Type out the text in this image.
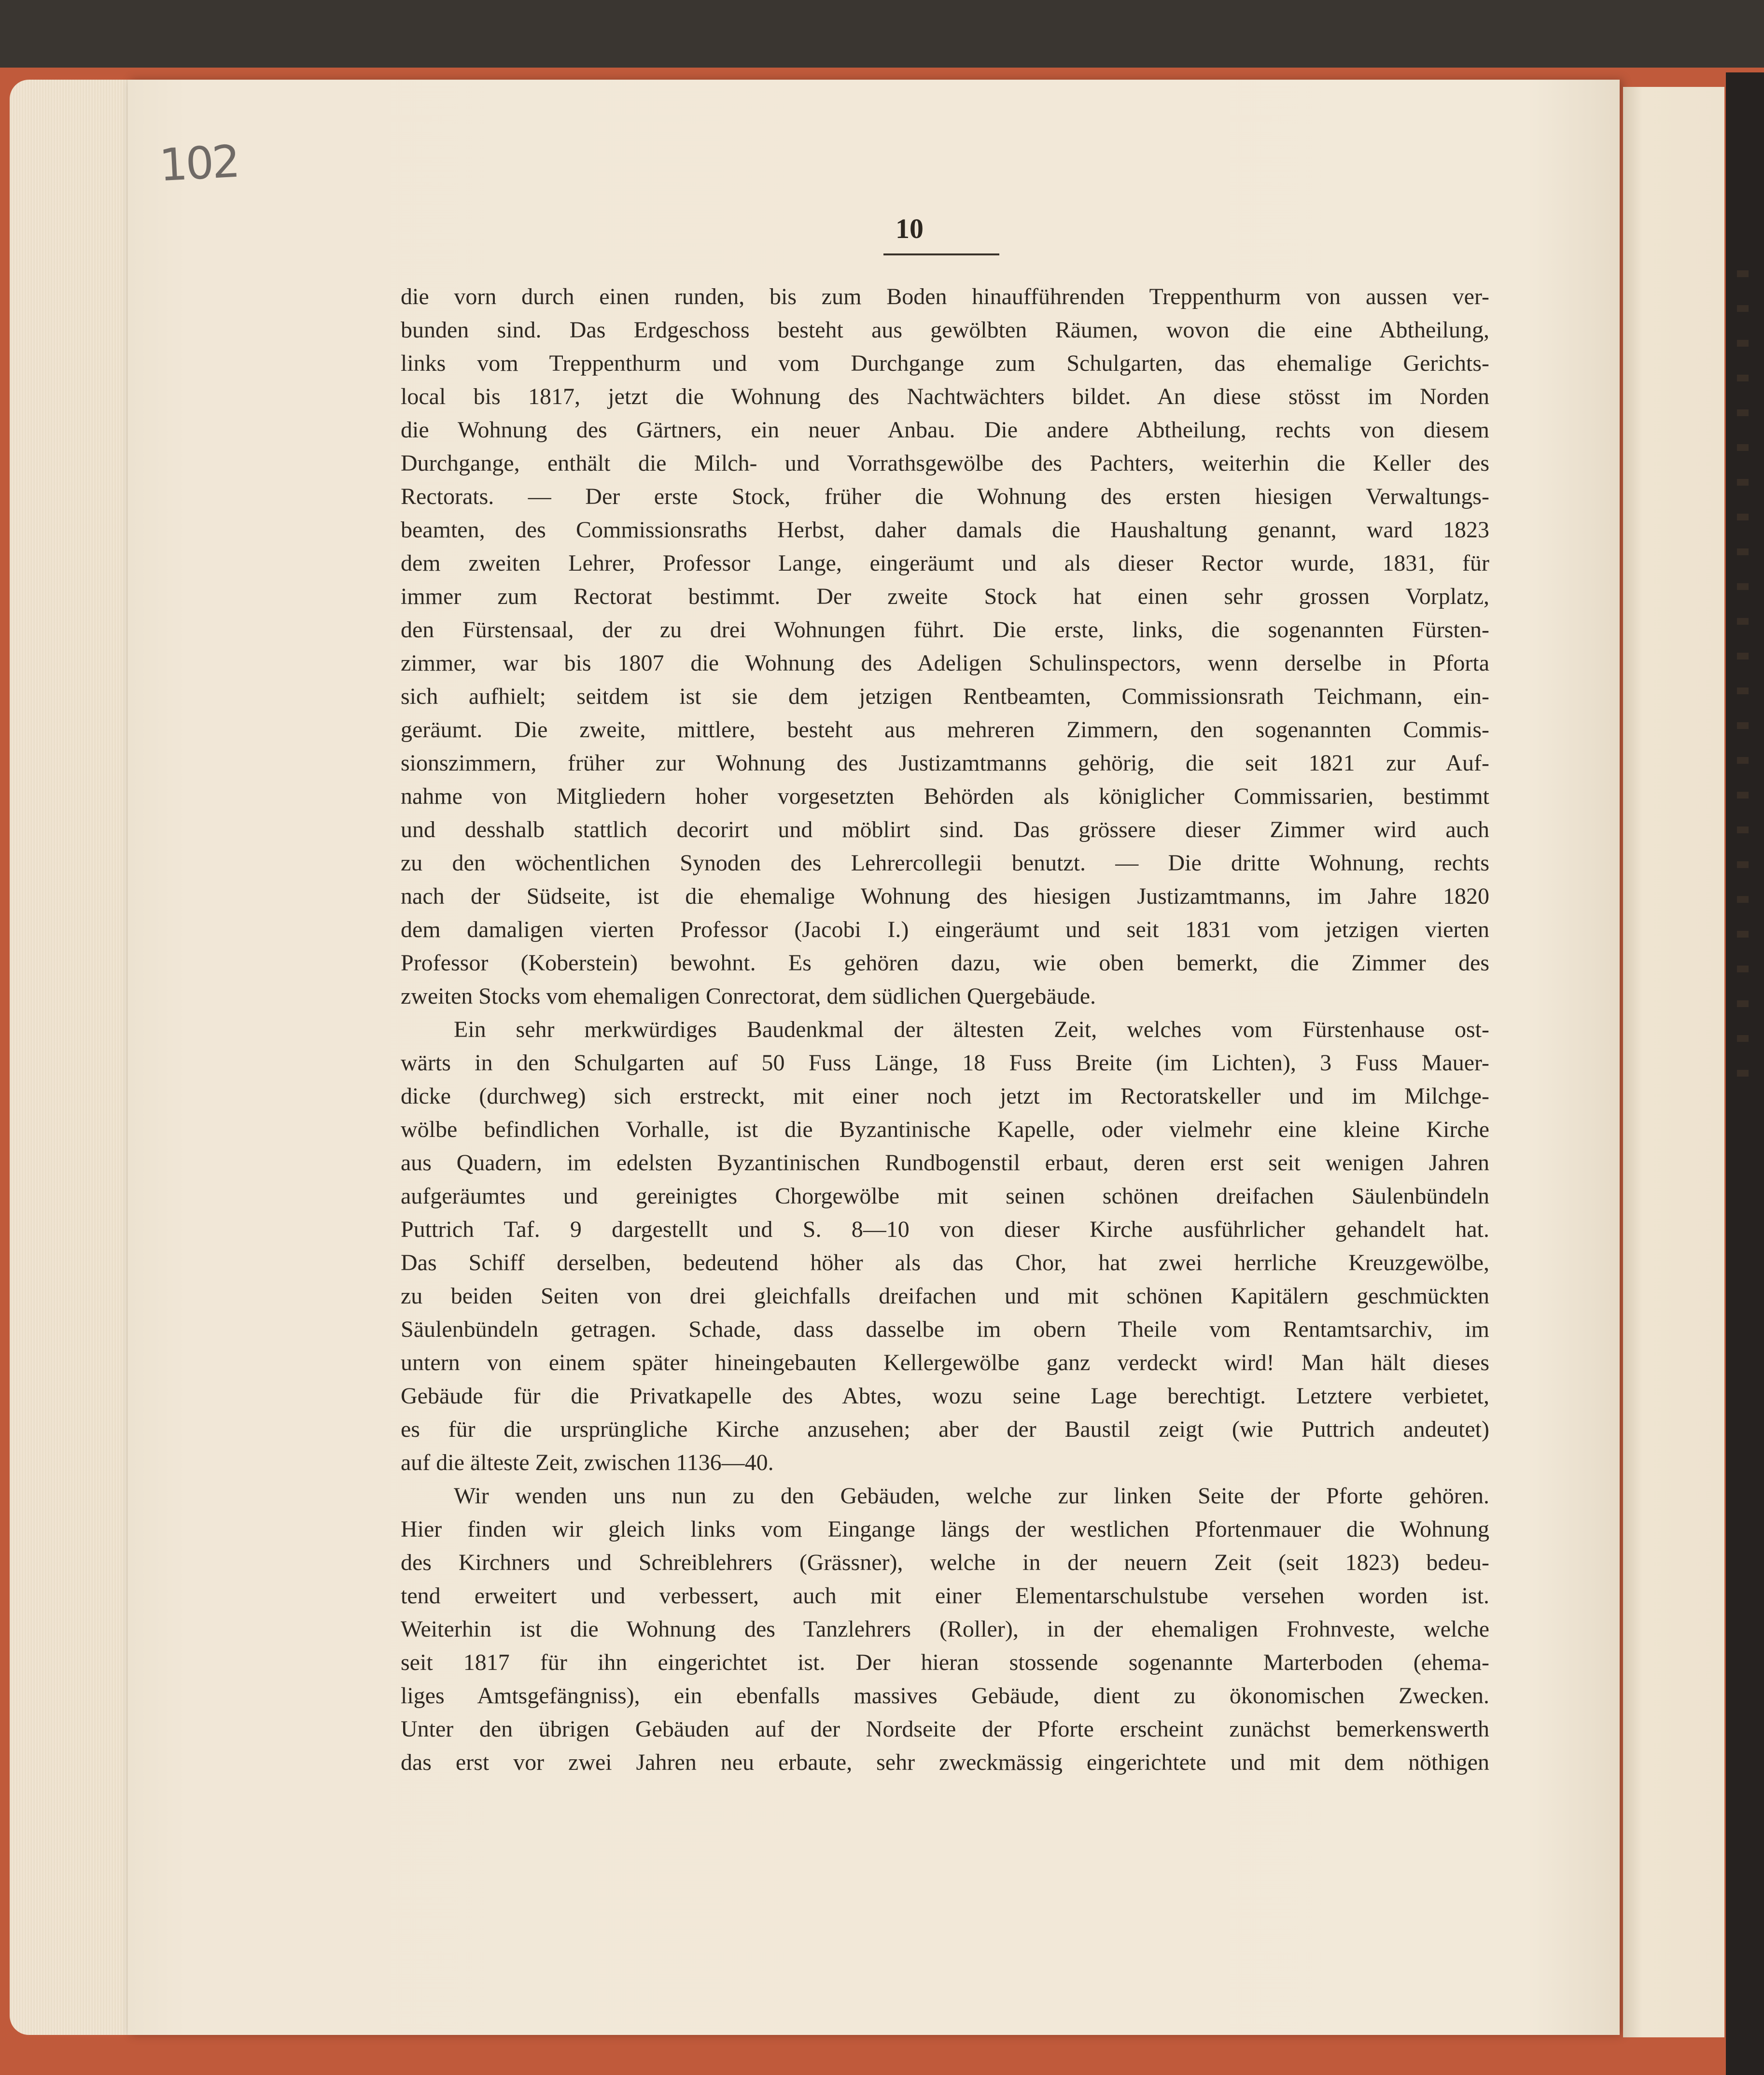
102
10
die vorn durch einen runden, bis zum Boden hinaufführenden Treppenthurm von aussen ver-
bunden sind. Das Erdgeschoss besteht aus gewölbten Räumen, wovon die eine Abtheilung,
links vom Treppenthurm und vom Durchgange zum Schulgarten, das ehemalige Gerichts-
local bis 1817, jetzt die Wohnung des Nachtwächters bildet. An diese stösst im Norden
die Wohnung des Gärtners, ein neuer Anbau. Die andere Abtheilung, rechts von diesem
Durchgange, enthält die Milch- und Vorrathsgewölbe des Pachters, weiterhin die Keller des
Rectorats. — Der erste Stock, früher die Wohnung des ersten hiesigen Verwaltungs-
beamten, des Commissionsraths Herbst, daher damals die Haushaltung genannt, ward 1823
dem zweiten Lehrer, Professor Lange, eingeräumt und als dieser Rector wurde, 1831, für
immer zum Rectorat bestimmt. Der zweite Stock hat einen sehr grossen Vorplatz,
den Fürstensaal, der zu drei Wohnungen führt. Die erste, links, die sogenannten Fürsten-
zimmer, war bis 1807 die Wohnung des Adeligen Schulinspectors, wenn derselbe in Pforta
sich aufhielt; seitdem ist sie dem jetzigen Rentbeamten, Commissionsrath Teichmann, ein-
geräumt. Die zweite, mittlere, besteht aus mehreren Zimmern, den sogenannten Commis-
sionszimmern, früher zur Wohnung des Justizamtmanns gehörig, die seit 1821 zur Auf-
nahme von Mitgliedern hoher vorgesetzten Behörden als königlicher Commissarien, bestimmt
und desshalb stattlich decorirt und möblirt sind. Das grössere dieser Zimmer wird auch
zu den wöchentlichen Synoden des Lehrercollegii benutzt. — Die dritte Wohnung, rechts
nach der Südseite, ist die ehemalige Wohnung des hiesigen Justizamtmanns, im Jahre 1820
dem damaligen vierten Professor (Jacobi I.) eingeräumt und seit 1831 vom jetzigen vierten
Professor (Koberstein) bewohnt. Es gehören dazu, wie oben bemerkt, die Zimmer des
zweiten Stocks vom ehemaligen Conrectorat, dem südlichen Quergebäude.
Ein sehr merkwürdiges Baudenkmal der ältesten Zeit, welches vom Fürstenhause ost-
wärts in den Schulgarten auf 50 Fuss Länge, 18 Fuss Breite (im Lichten), 3 Fuss Mauer-
dicke (durchweg) sich erstreckt, mit einer noch jetzt im Rectoratskeller und im Milchge-
wölbe befindlichen Vorhalle, ist die Byzantinische Kapelle, oder vielmehr eine kleine Kirche
aus Quadern, im edelsten Byzantinischen Rundbogenstil erbaut, deren erst seit wenigen Jahren
aufgeräumtes und gereinigtes Chorgewölbe mit seinen schönen dreifachen Säulenbündeln
Puttrich Taf. 9 dargestellt und S. 8—10 von dieser Kirche ausführlicher gehandelt hat.
Das Schiff derselben, bedeutend höher als das Chor, hat zwei herrliche Kreuzgewölbe,
zu beiden Seiten von drei gleichfalls dreifachen und mit schönen Kapitälern geschmückten
Säulenbündeln getragen. Schade, dass dasselbe im obern Theile vom Rentamtsarchiv, im
untern von einem später hineingebauten Kellergewölbe ganz verdeckt wird! Man hält dieses
Gebäude für die Privatkapelle des Abtes, wozu seine Lage berechtigt. Letztere verbietet,
es für die ursprüngliche Kirche anzusehen; aber der Baustil zeigt (wie Puttrich andeutet)
auf die älteste Zeit, zwischen 1136—40.
Wir wenden uns nun zu den Gebäuden, welche zur linken Seite der Pforte gehören.
Hier finden wir gleich links vom Eingange längs der westlichen Pfortenmauer die Wohnung
des Kirchners und Schreiblehrers (Grässner), welche in der neuern Zeit (seit 1823) bedeu-
tend erweitert und verbessert, auch mit einer Elementarschulstube versehen worden ist.
Weiterhin ist die Wohnung des Tanzlehrers (Roller), in der ehemaligen Frohnveste, welche
seit 1817 für ihn eingerichtet ist. Der hieran stossende sogenannte Marterboden (ehema-
liges Amtsgefängniss), ein ebenfalls massives Gebäude, dient zu ökonomischen Zwecken.
Unter den übrigen Gebäuden auf der Nordseite der Pforte erscheint zunächst bemerkenswerth
das erst vor zwei Jahren neu erbaute, sehr zweckmässig eingerichtete und mit dem nöthigen
